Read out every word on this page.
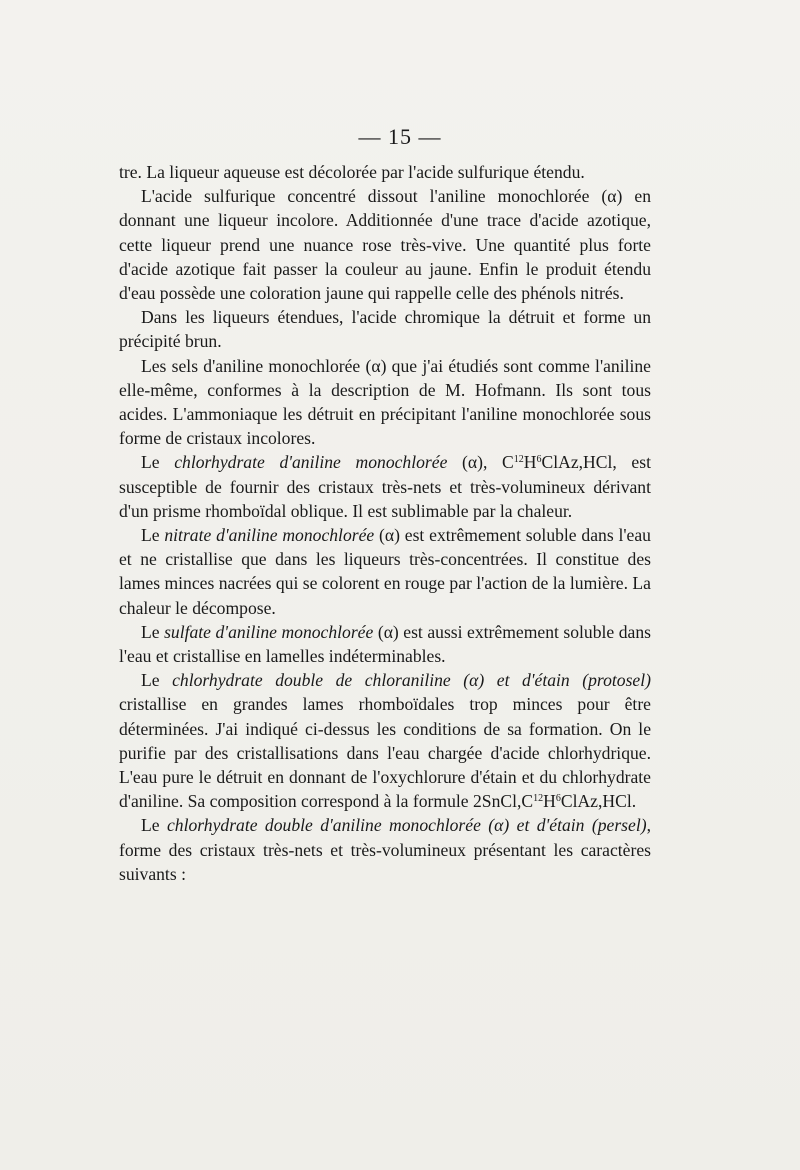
— 15 —

tre. La liqueur aqueuse est décolorée par l'acide sulfurique étendu.

L'acide sulfurique concentré dissout l'aniline monochlorée (α) en donnant une liqueur incolore. Additionnée d'une trace d'acide azotique, cette liqueur prend une nuance rose très-vive. Une quantité plus forte d'acide azotique fait passer la couleur au jaune. Enfin le produit étendu d'eau possède une coloration jaune qui rappelle celle des phénols nitrés.

Dans les liqueurs étendues, l'acide chromique la détruit et forme un précipité brun.

Les sels d'aniline monochlorée (α) que j'ai étudiés sont comme l'aniline elle-même, conformes à la description de M. Hofmann. Ils sont tous acides. L'ammoniaque les détruit en précipitant l'aniline monochlorée sous forme de cristaux incolores.

Le chlorhydrate d'aniline monochlorée (α), $C^{12}H^6ClAz,HCl$, est susceptible de fournir des cristaux très-nets et très-volumineux dérivant d'un prisme rhomboïdal oblique. Il est sublimable par la chaleur.

Le nitrate d'aniline monochlorée (α) est extrêmement soluble dans l'eau et ne cristallise que dans les liqueurs très-concentrées. Il constitue des lames minces nacrées qui se colorent en rouge par l'action de la lumière. La chaleur le décompose.

Le sulfate d'aniline monochlorée (α) est aussi extrêmement soluble dans l'eau et cristallise en lamelles indéterminables.

Le chlorhydrate double de chloraniline (α) et d'étain (protosel) cristallise en grandes lames rhomboïdales trop minces pour être déterminées. J'ai indiqué ci-dessus les conditions de sa formation. On le purifie par des cristallisations dans l'eau chargée d'acide chlorhydrique. L'eau pure le détruit en donnant de l'oxychlorure d'étain et du chlorhydrate d'aniline. Sa composition correspond à la formule $2SnCl,C^{12}H^6ClAz,HCl$.

Le chlorhydrate double d'aniline monochlorée (α) et d'étain (persel), forme des cristaux très-nets et très-volumineux présentant les caractères suivants :
